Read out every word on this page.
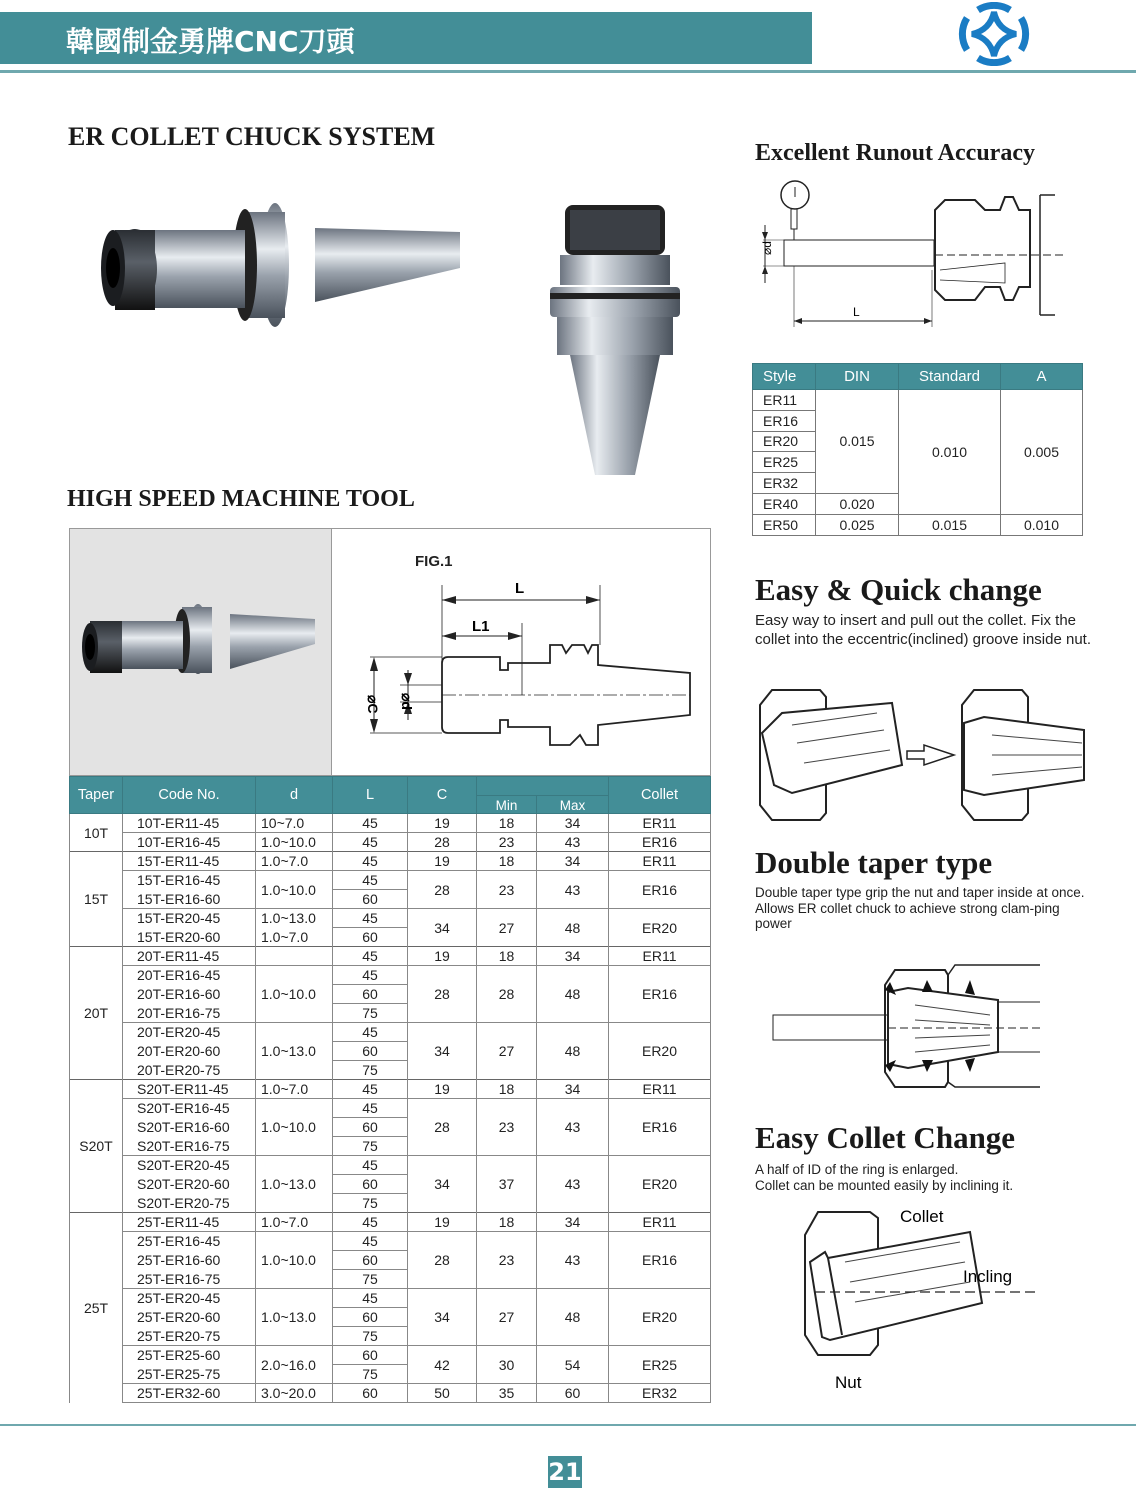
韓國制金勇牌CNC刀頭
ER COLLET CHUCK SYSTEM
HIGH SPEED MACHINE TOOL
Excellent Runout Accuracy
⌀d
L
Style	DIN	Standard	A
ER11	0.015	0.010	0.005
ER16			
ER20			
ER25			
ER32			
ER40	0.020		
ER50	0.025	0.015	0.010
Easy & Quick change
Easy way to insert and pull out the collet. Fix the collet into the eccentric(inclined) groove inside nut.
Double taper type
Double taper type grip the nut and taper inside at once.
Allows ER collet chuck to achieve strong clam-ping power
Easy Collet Change
A half of ID of the ring is enlarged.
Collet can be mounted easily by inclining it.
Collet
Incling
Nut
FIG.1
L
L1
⌀C ⌀d
Taper	Code No.	d	L	C			Collet
					Min	Max	
10T	10T-ER11-45	10~7.0	45	19	18	34	ER11
	10T-ER16-45	1.0~10.0	45	28	23	43	ER16
15T	15T-ER11-45	1.0~7.0	45	19	18	34	ER11
	15T-ER16-45	1.0~10.0	45	28	23	43	ER16
	15T-ER16-60		60				
	15T-ER20-45	1.0~13.0	45	34	27	48	ER20
	15T-ER20-60	1.0~7.0	60				
20T	20T-ER11-45		45	19	18	34	ER11
	20T-ER16-45	1.0~10.0	45	28	28	48	ER16
	20T-ER16-60		60				
	20T-ER16-75		75				
	20T-ER20-45	1.0~13.0	45	34	27	48	ER20
	20T-ER20-60		60				
	20T-ER20-75		75				
S20T	S20T-ER11-45	1.0~7.0	45	19	18	34	ER11
	S20T-ER16-45	1.0~10.0	45	28	23	43	ER16
	S20T-ER16-60		60				
	S20T-ER16-75		75				
	S20T-ER20-45	1.0~13.0	45	34	37	43	ER20
	S20T-ER20-60		60				
	S20T-ER20-75		75				
25T	25T-ER11-45	1.0~7.0	45	19	18	34	ER11
	25T-ER16-45	1.0~10.0	45	28	23	43	ER16
	25T-ER16-60		60				
	25T-ER16-75		75				
	25T-ER20-45	1.0~13.0	45	34	27	48	ER20
	25T-ER20-60		60				
	25T-ER20-75		75				
	25T-ER25-60	2.0~16.0	60	42	30	54	ER25
	25T-ER25-75		75				
	25T-ER32-60	3.0~20.0	60	50	35	60	ER32
21
